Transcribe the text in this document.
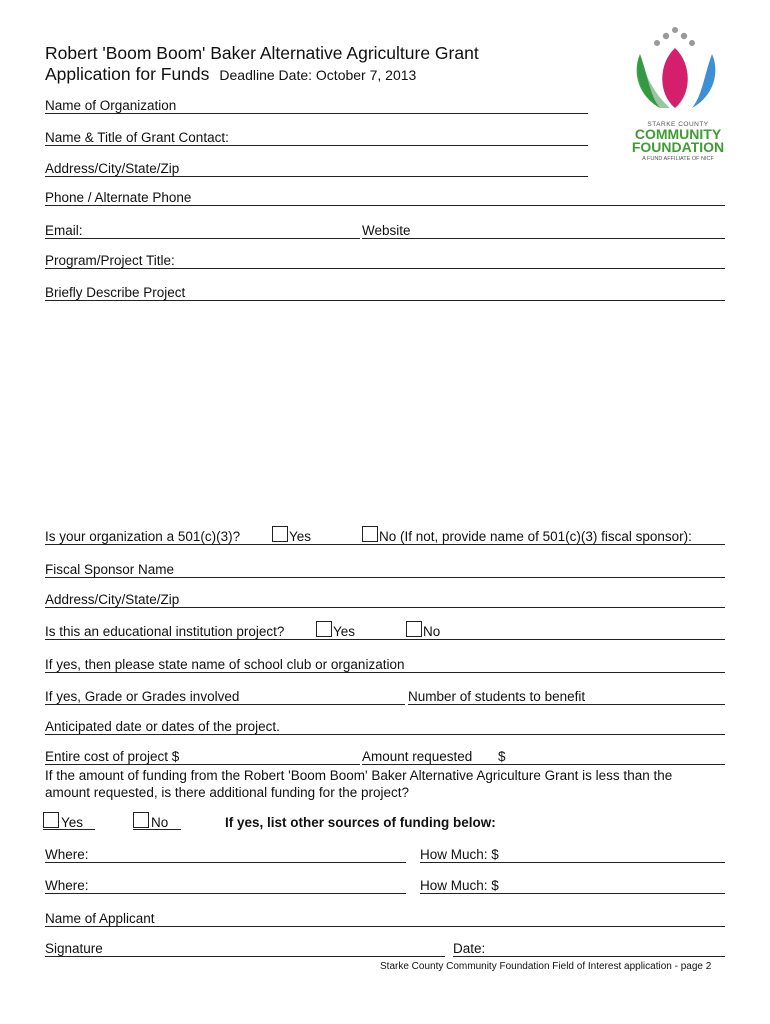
Robert 'Boom Boom' Baker Alternative Agriculture Grant
Application for Funds Deadline Date: October 7, 2013
STARKE COUNTY
COMMUNITY
FOUNDATION
A FUND AFFILIATE OF NICF
Name of Organization
Name & Title of Grant Contact:
Address/City/State/Zip
Phone / Alternate Phone
Email:	Website
Program/Project Title:
Briefly Describe Project
Is your organization a 501(c)(3)?	Yes	No (If not, provide name of 501(c)(3) fiscal sponsor):
Fiscal Sponsor Name
Address/City/State/Zip
Is this an educational institution project?	Yes	No
If yes, then please state name of school club or organization
If yes, Grade or Grades involved	Number of students to benefit
Anticipated date or dates of the project.
Entire cost of project $	Amount requested $
If the amount of funding from the Robert 'Boom Boom' Baker Alternative Agriculture Grant is less than the
amount requested, is there additional funding for the project?
Yes	No	If yes, list other sources of funding below:
Where:	How Much: $
Where:	How Much: $
Name of Applicant
Signature	Date:
Starke County Community Foundation Field of Interest application - page 2
